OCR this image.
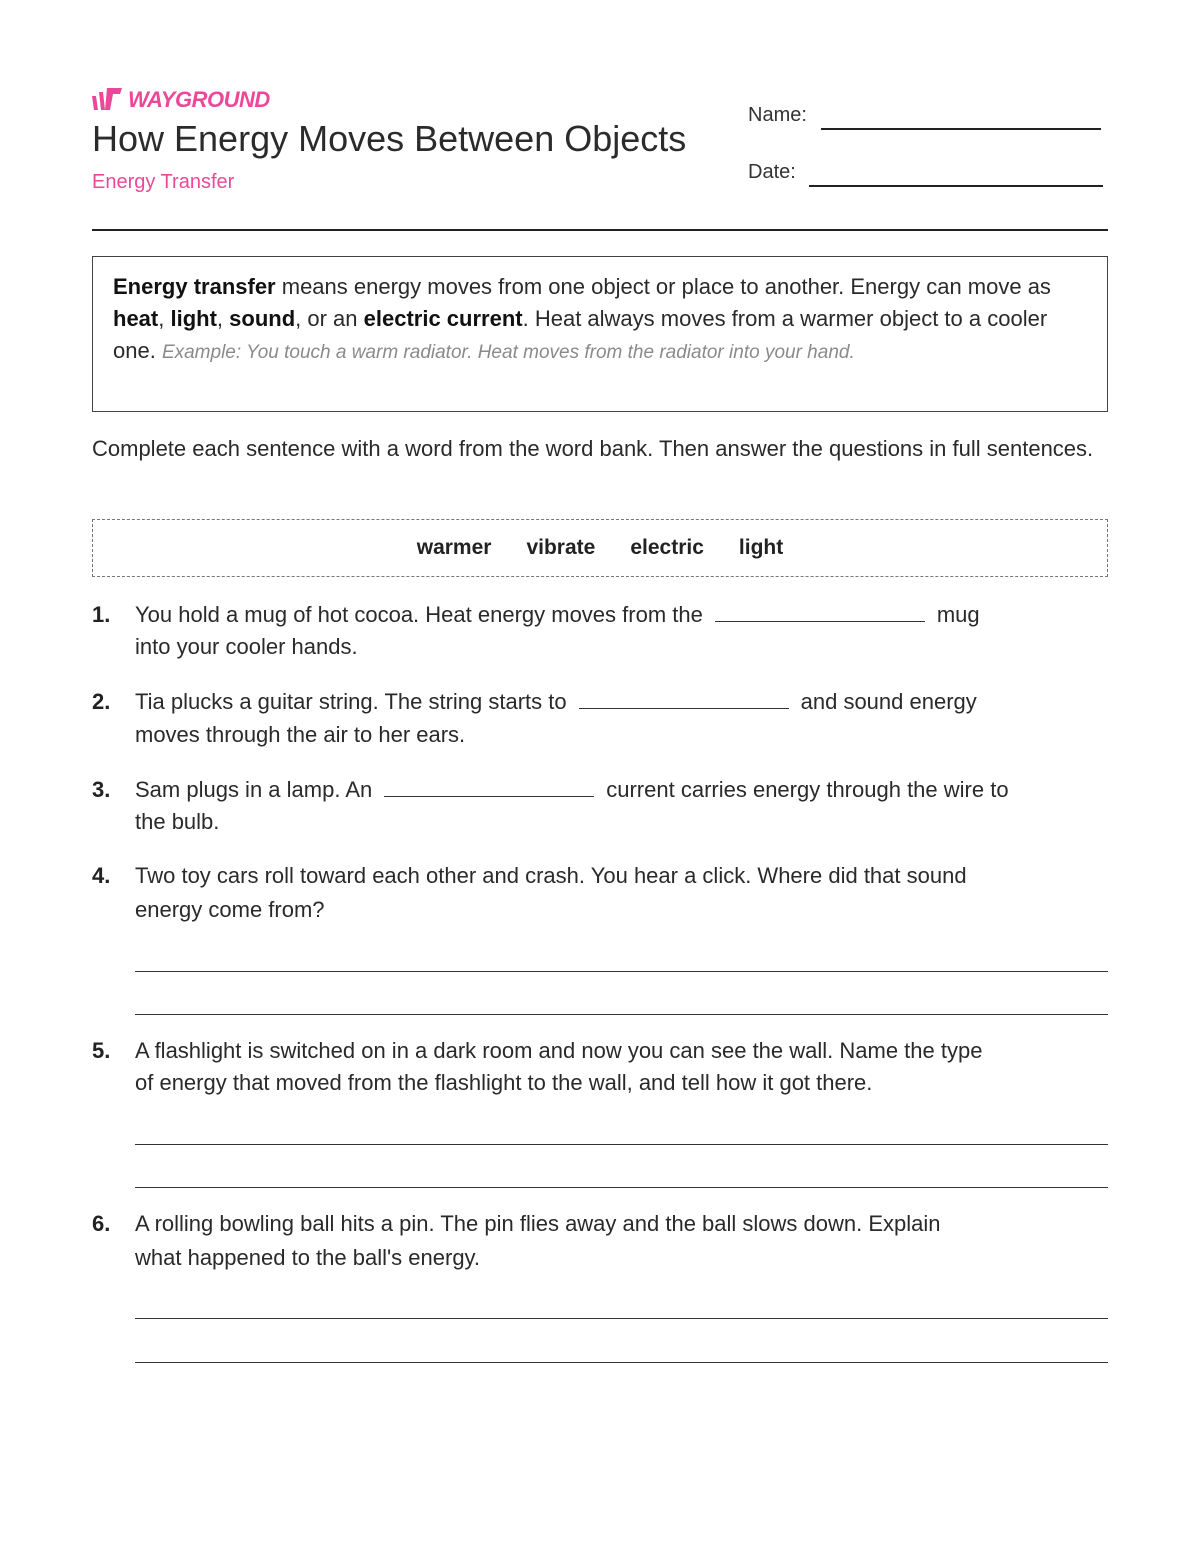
WAYGROUND
How Energy Moves Between Objects
Energy Transfer
Name:
Date:
Energy transfer means energy moves from one object or place to another. Energy can move as heat, light, sound, or an electric current. Heat always moves from a warmer object to a cooler one. Example: You touch a warm radiator. Heat moves from the radiator into your hand.
Complete each sentence with a word from the word bank. Then answer the questions in full sentences.
warmer vibrate electric light
1. You hold a mug of hot cocoa. Heat energy moves from the	mug
into your cooler hands.
2. Tia plucks a guitar string. The string starts to	and sound energy
moves through the air to her ears.
3. Sam plugs in a lamp. An	current carries energy through the wire to
the bulb.
4. Two toy cars roll toward each other and crash. You hear a click. Where did that sound
energy come from?
5. A flashlight is switched on in a dark room and now you can see the wall. Name the type
of energy that moved from the flashlight to the wall, and tell how it got there.
6. A rolling bowling ball hits a pin. The pin flies away and the ball slows down. Explain
what happened to the ball's energy.
